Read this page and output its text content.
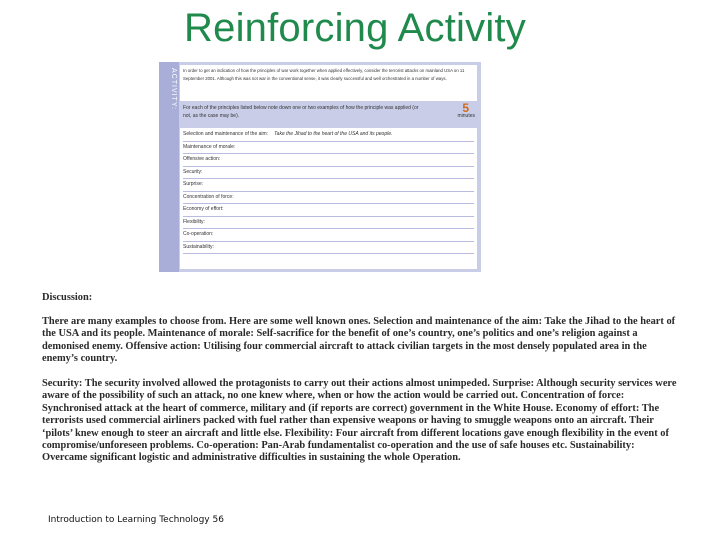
Reinforcing Activity
ACTIVITY:	In order to get an indication of how the principles of war work together when applied effectively, consider the terrorist attacks on mainland USA on 11 September 2001. Although this was not war in the conventional sense, it was clearly successful and well orchestrated in a number of ways.
For each of the principles listed below note down one or two examples of how the principle was applied (or not, as the case may be).
5
minutes
Selection and maintenance of the aim: Take the Jihad to the heart of the USA and its people.
Maintenance of morale:
Offensive action:
Security:
Surprise:
Concentration of force:
Economy of effort:
Flexibility:
Co-operation:
Sustainability:

Discussion:

There are many examples to choose from. Here are some well known ones. Selection and maintenance of the aim: Take the Jihad to the heart of the USA and its people. Maintenance of morale: Self-sacrifice for the benefit of one’s country, one’s politics and one’s religion against a demonised enemy. Offensive action: Utilising four commercial aircraft to attack civilian targets in the most densely populated area in the enemy’s country.

Security: The security involved allowed the protagonists to carry out their actions almost unimpeded. Surprise: Although security services were aware of the possibility of such an attack, no one knew where, when or how the action would be carried out. Concentration of force: Synchronised attack at the heart of commerce, military and (if reports are correct) government in the White House. Economy of effort: The terrorists used commercial airliners packed with fuel rather than expensive weapons or having to smuggle weapons onto an aircraft. Their ‘pilots’ knew enough to steer an aircraft and little else. Flexibility: Four aircraft from different locations gave enough flexibility in the event of compromise/unforeseen problems. Co-operation: Pan-Arab fundamentalist co-operation and the use of safe houses etc. Sustainability: Overcame significant logistic and administrative difficulties in sustaining the whole Operation.

Introduction to Learning Technology 56
